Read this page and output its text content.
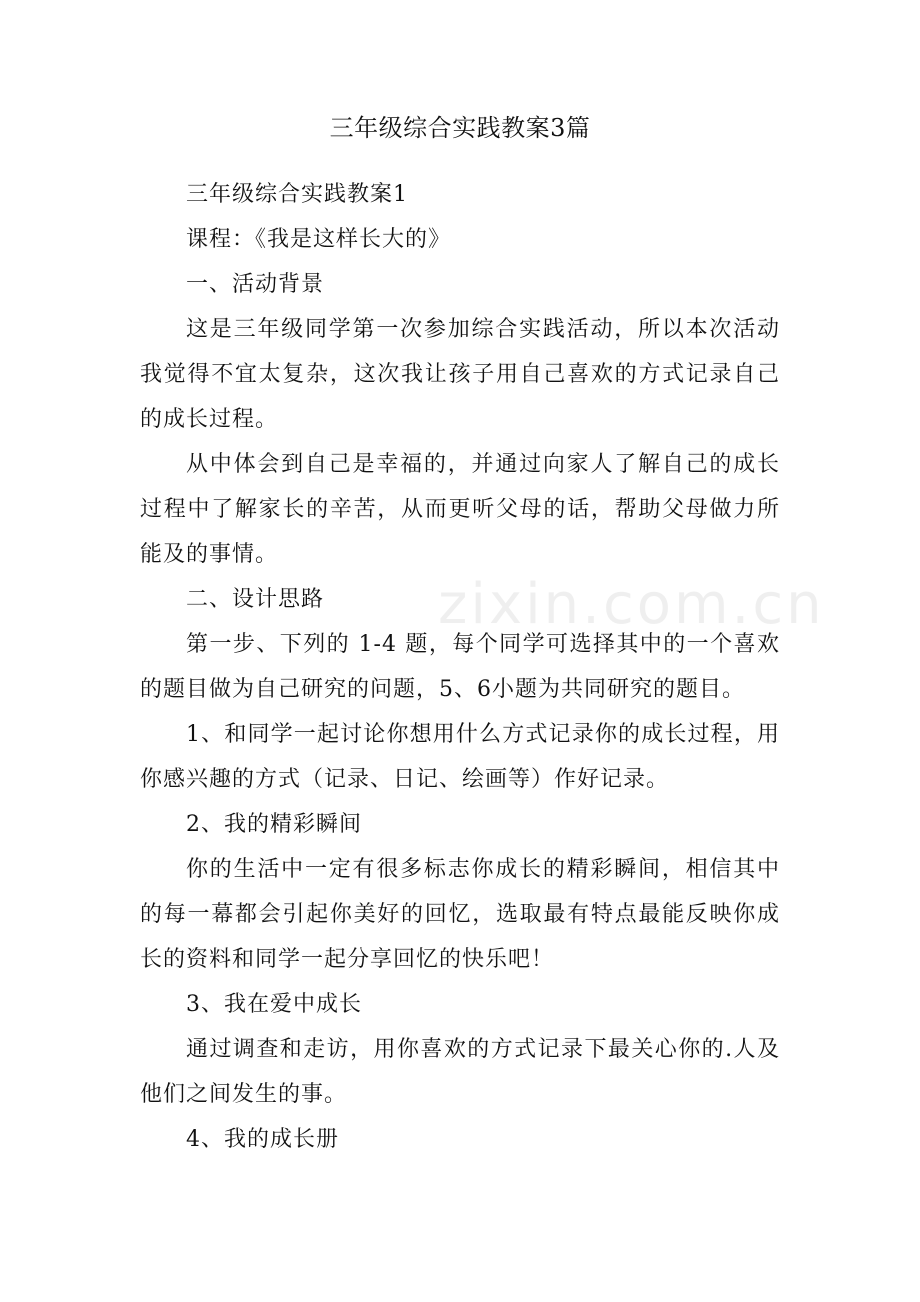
zixin.com.cn
三年级综合实践教案3篇

三年级综合实践教案1

课程：《我是这样长大的》

一、活动背景

这是三年级同学第一次参加综合实践活动，所以本次活动我觉得不宜太复杂，这次我让孩子用自己喜欢的方式记录自己的成长过程。

从中体会到自己是幸福的，并通过向家人了解自己的成长过程中了解家长的辛苦，从而更听父母的话，帮助父母做力所能及的事情。

二、设计思路

第一步、下列的 1-4 题，每个同学可选择其中的一个喜欢的题目做为自己研究的问题，5、6小题为共同研究的题目。

1、和同学一起讨论你想用什么方式记录你的成长过程，用你感兴趣的方式（记录、日记、绘画等）作好记录。

2、我的精彩瞬间

你的生活中一定有很多标志你成长的精彩瞬间，相信其中的每一幕都会引起你美好的回忆，选取最有特点最能反映你成长的资料和同学一起分享回忆的快乐吧！

3、我在爱中成长

通过调查和走访，用你喜欢的方式记录下最关心你的.人及他们之间发生的事。

4、我的成长册
